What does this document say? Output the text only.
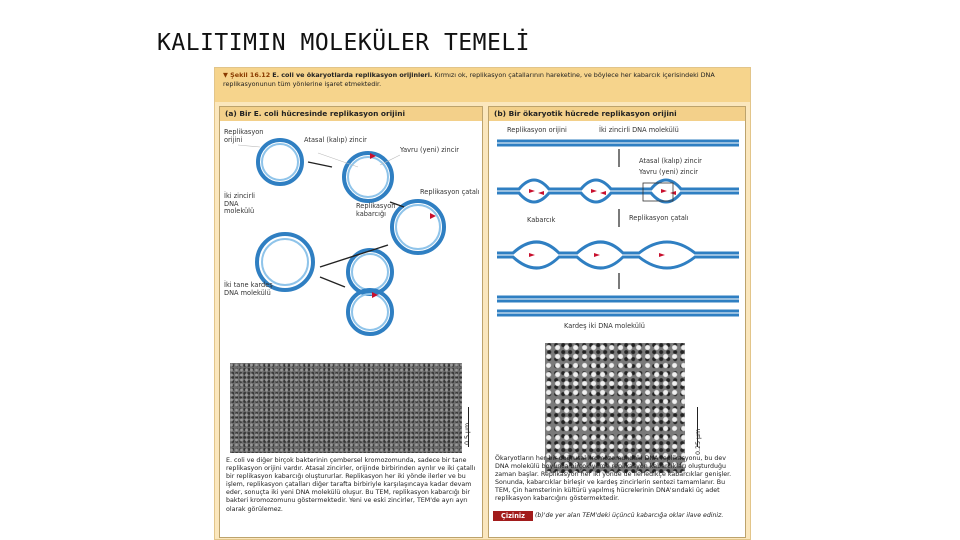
KALITIMIN MOLEKÜLER TEMELİ
▼ Şekil 16.12 E. coli ve ökaryotlarda replikasyon orijinleri. Kırmızı ok, replikasyon çatallarının hareketine, ve böylece her kabarcık içerisindeki DNA replikasyonunun tüm yönlerine işaret etmektedir.
(a) Bir E. coli hücresinde replikasyon orijini
Replikasyon
orijini	Atasal (kalıp) zincir
Yavru (yeni) zincir
Replikasyon çatalı
İki zincirli
DNA
molekülü
Replikasyon
kabarcığı
İki tane kardeş
DNA molekülü
0.5 µm
E. coli ve diğer birçok bakterinin çembersel kromozomunda, sadece bir tane replikasyon orijini vardır. Atasal zincirler, orijinde birbirinden ayrılır ve iki çatallı bir replikasyon kabarcığı oluştururlar. Replikasyon her iki yönde ilerler ve bu işlem, replikasyon çatalları diğer tarafta birbiriyle karşılaşıncaya kadar devam eder, sonuçta iki yeni DNA molekülü oluşur. Bu TEM, replikasyon kabarcığı bir bakteri kromozomunu göstermektedir. Yeni ve eski zincirler, TEM'de ayrı ayrı olarak görülemez.
(b) Bir ökaryotik hücrede replikasyon orijini
Replikasyon orijini	İki zincirli DNA molekülü
Atasal (kalıp) zincir
Yavru (yeni) zincir
Kabarcık	Replikasyon çatalı
Kardeş iki DNA molekülü
0.25 µm
Ökaryotların her bir doğrusal kromozomundaki DNA replikasyonu, bu dev DNA molekülü boyunca birçok yerde replikasyon kabarcıkları oluşturduğu zaman başlar. Replikasyon her iki yönde de ilerledikçe kabarcıklar genişler. Sonunda, kabarcıklar birleşir ve kardeş zincirlerin sentezi tamamlanır. Bu TEM, Çin hamsterinin kültürü yapılmış hücrelerinin DNA'sındaki üç adet replikasyon kabarcığını göstermektedir.
Çiziniz	(b)'de yer alan TEM'deki üçüncü kabarcığa oklar ilave ediniz.
